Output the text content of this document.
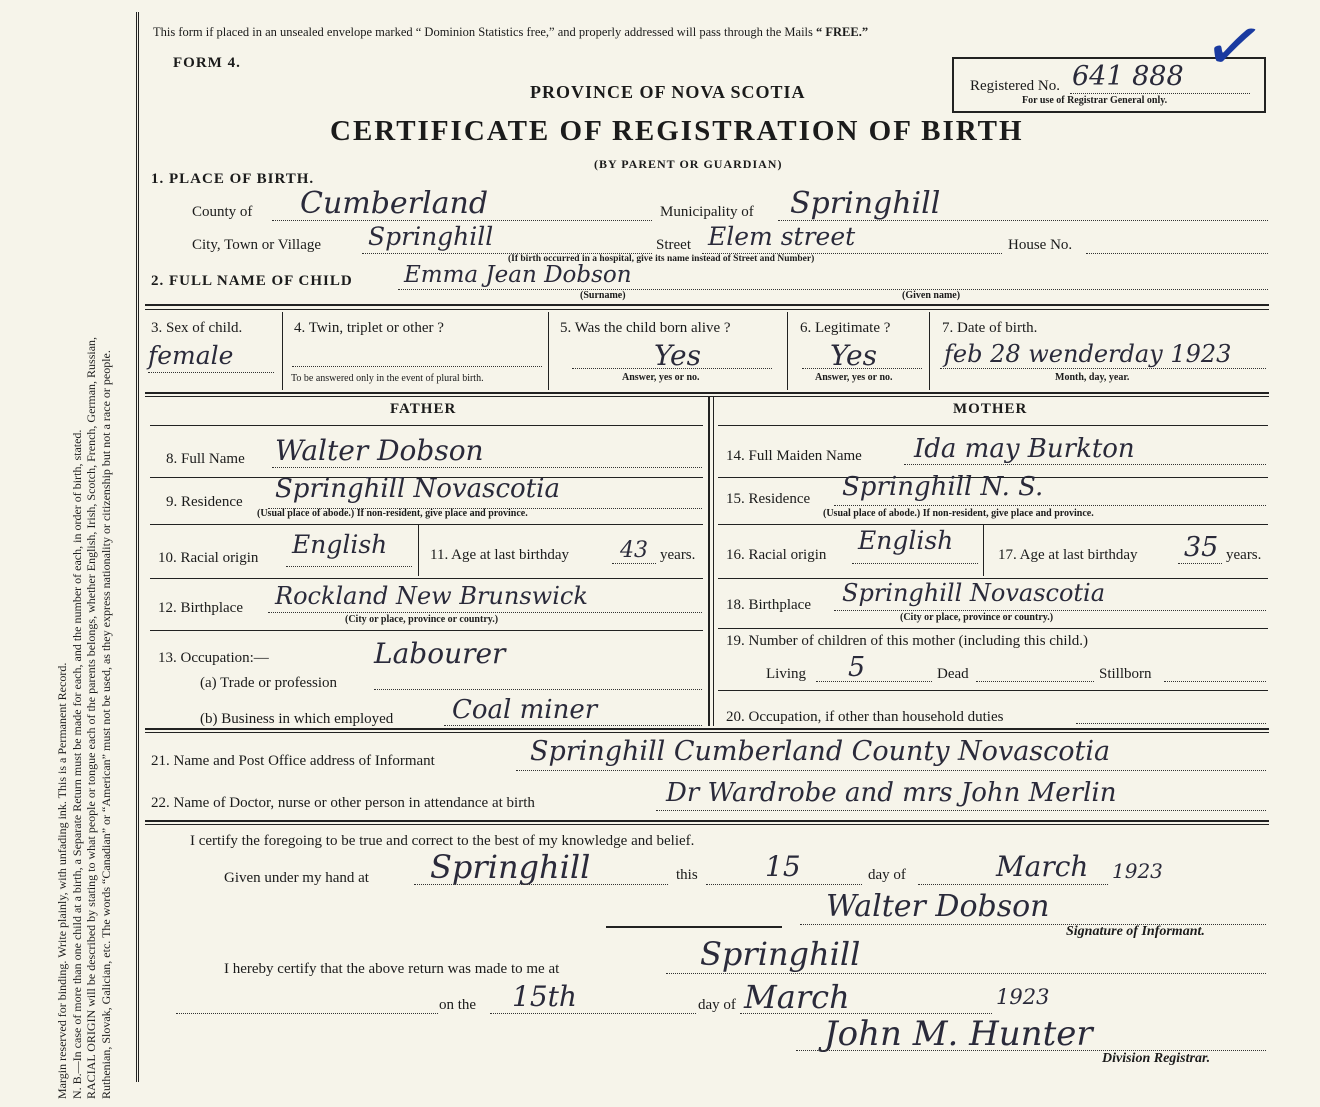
Margin reserved for binding. Write plainly, with unfading ink. This is a Permanent Record. N. B.—In case of more than one child at a birth, a Separate Return must be made for each, and the number of each, in order of birth, stated. RACIAL ORIGIN will be described by stating to what people or tongue each of the parents belongs, whether English, Irish, Scotch, French, German, Russian, Ruthenian, Slovak, Galician, etc. The words “Canadian” or “American” must not be used, as they express nationality or citizenship but not a race or people.
This form if placed in an unsealed envelope marked “ Dominion Statistics free,” and properly addressed will pass through the Mails “ FREE.”
FORM 4.
PROVINCE OF NOVA SCOTIA
CERTIFICATE OF REGISTRATION OF BIRTH
(BY PARENT OR GUARDIAN)
Registered No. 641 888
For use of Registrar General only.
✓
1. PLACE OF BIRTH.
County of Cumberland	Municipality of Springhill
City, Town or Village Springhill	Street Elem street	House No.
(If birth occurred in a hospital, give its name instead of Street and Number)
2. FULL NAME OF CHILD Emma Jean Dobson
(Surname)	(Given name)
3. Sex of child.
female
4. Twin, triplet or other ?
To be answered only in the event of plural birth.
5. Was the child born alive ?
Yes
Answer, yes or no.
6. Legitimate ?
Yes
Answer, yes or no.
7. Date of birth.
feb 28 wenderday 1923
Month, day, year.
FATHER	MOTHER
8. Full Name Walter Dobson
9. Residence Springhill Novascotia
(Usual place of abode.) If non-resident, give place and province.
10. Racial origin English	11. Age at last birthday 43 years.
12. Birthplace Rockland New Brunswick
(City or place, province or country.)
13. Occupation:—	Labourer
(a) Trade or profession
(b) Business in which employed Coal miner
14. Full Maiden Name Ida may Burkton
15. Residence Springhill N. S.
(Usual place of abode.) If non-resident, give place and province.
16. Racial origin English	17. Age at last birthday 35 years.
18. Birthplace Springhill Novascotia
(City or place, province or country.)
19. Number of children of this mother (including this child.)
Living 5	Dead	Stillborn
20. Occupation, if other than household duties
21. Name and Post Office address of Informant	Springhill Cumberland County Novascotia
22. Name of Doctor, nurse or other person in attendance at birth	Dr Wardrobe and mrs John Merlin
I certify the foregoing to be true and correct to the best of my knowledge and belief.
Given under my hand at Springhill	this 15	day of	March 1923
Walter Dobson
Signature of Informant.
I hereby certify that the above return was made to me at	Springhill
on the 15th	day of March	1923
John M. Hunter
Division Registrar.
